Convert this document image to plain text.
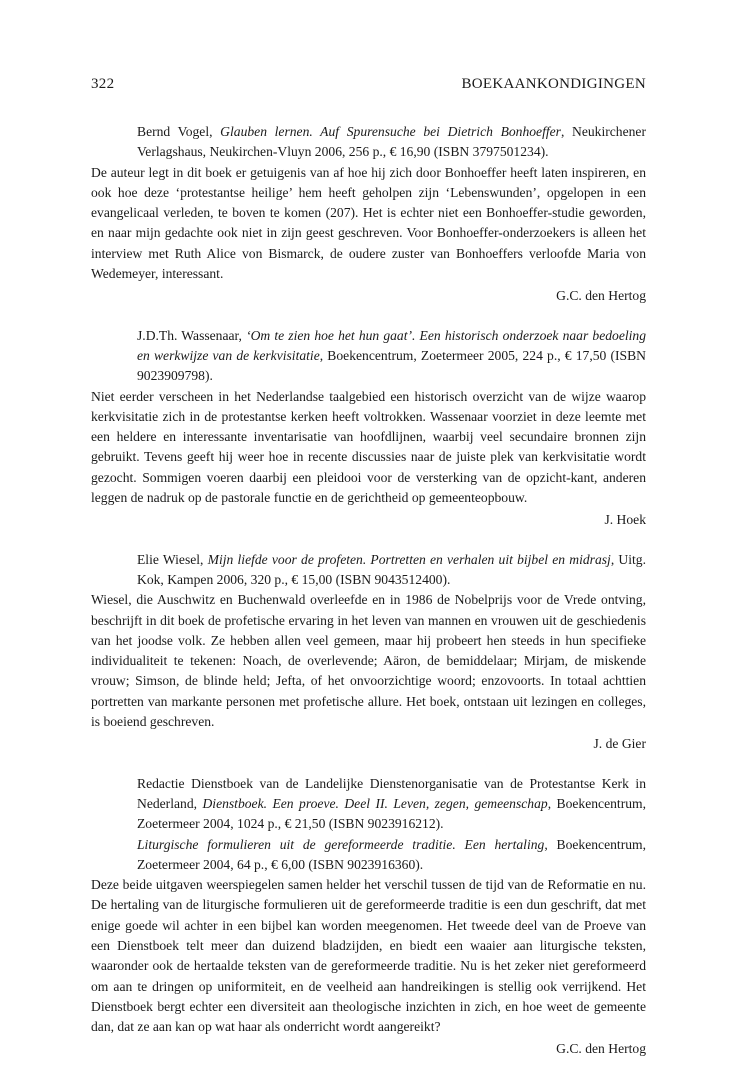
322	BOEKAANKONDIGINGEN

Bernd Vogel, Glauben lernen. Auf Spurensuche bei Dietrich Bonhoeffer, Neukirchener Verlagshaus, Neukirchen-Vluyn 2006, 256 p., € 16,90 (ISBN 3797501234).

De auteur legt in dit boek er getuigenis van af hoe hij zich door Bonhoeffer heeft laten inspireren, en ook hoe deze ‘protestantse heilige’ hem heeft geholpen zijn ‘Lebenswunden’, opgelopen in een evangelicaal verleden, te boven te komen (207). Het is echter niet een Bonhoeffer-studie geworden, en naar mijn gedachte ook niet in zijn geest geschreven. Voor Bonhoeffer-onderzoekers is alleen het interview met Ruth Alice von Bismarck, de oudere zuster van Bonhoeffers verloofde Maria von Wedemeyer, interessant.

G.C. den Hertog

J.D.Th. Wassenaar, ‘Om te zien hoe het hun gaat’. Een historisch onderzoek naar bedoeling en werkwijze van de kerkvisitatie, Boekencentrum, Zoetermeer 2005, 224 p., € 17,50 (ISBN 9023909798).

Niet eerder verscheen in het Nederlandse taalgebied een historisch overzicht van de wijze waarop kerkvisitatie zich in de protestantse kerken heeft voltrokken. Wassenaar voorziet in deze leemte met een heldere en interessante inventarisatie van hoofdlijnen, waarbij veel secundaire bronnen zijn gebruikt. Tevens geeft hij weer hoe in recente discussies naar de juiste plek van kerkvisitatie wordt gezocht. Sommigen voeren daarbij een pleidooi voor de versterking van de opzicht-kant, anderen leggen de nadruk op de pastorale functie en de gerichtheid op gemeenteopbouw.

J. Hoek

Elie Wiesel, Mijn liefde voor de profeten. Portretten en verhalen uit bijbel en midrasj, Uitg. Kok, Kampen 2006, 320 p., € 15,00 (ISBN 9043512400).

Wiesel, die Auschwitz en Buchenwald overleefde en in 1986 de Nobelprijs voor de Vrede ontving, beschrijft in dit boek de profetische ervaring in het leven van mannen en vrouwen uit de geschiedenis van het joodse volk. Ze hebben allen veel gemeen, maar hij probeert hen steeds in hun specifieke individualiteit te tekenen: Noach, de overlevende; Aäron, de bemiddelaar; Mirjam, de miskende vrouw; Simson, de blinde held; Jefta, of het onvoorzichtige woord; enzovoorts. In totaal achttien portretten van markante personen met profetische allure. Het boek, ontstaan uit lezingen en colleges, is boeiend geschreven.

J. de Gier

Redactie Dienstboek van de Landelijke Dienstenorganisatie van de Protestantse Kerk in Nederland, Dienstboek. Een proeve. Deel II. Leven, zegen, gemeenschap, Boekencentrum, Zoetermeer 2004, 1024 p., € 21,50 (ISBN 9023916212).

Liturgische formulieren uit de gereformeerde traditie. Een hertaling, Boekencentrum, Zoetermeer 2004, 64 p., € 6,00 (ISBN 9023916360).

Deze beide uitgaven weerspiegelen samen helder het verschil tussen de tijd van de Reformatie en nu. De hertaling van de liturgische formulieren uit de gereformeerde traditie is een dun geschrift, dat met enige goede wil achter in een bijbel kan worden meegenomen. Het tweede deel van de Proeve van een Dienstboek telt meer dan duizend bladzijden, en biedt een waaier aan liturgische teksten, waaronder ook de hertaalde teksten van de gereformeerde traditie. Nu is het zeker niet gereformeerd om aan te dringen op uniformiteit, en de veelheid aan handreikingen is stellig ook verrijkend. Het Dienstboek bergt echter een diversiteit aan theologische inzichten in zich, en hoe weet de gemeente dan, dat ze aan kan op wat haar als onderricht wordt aangereikt?

G.C. den Hertog
